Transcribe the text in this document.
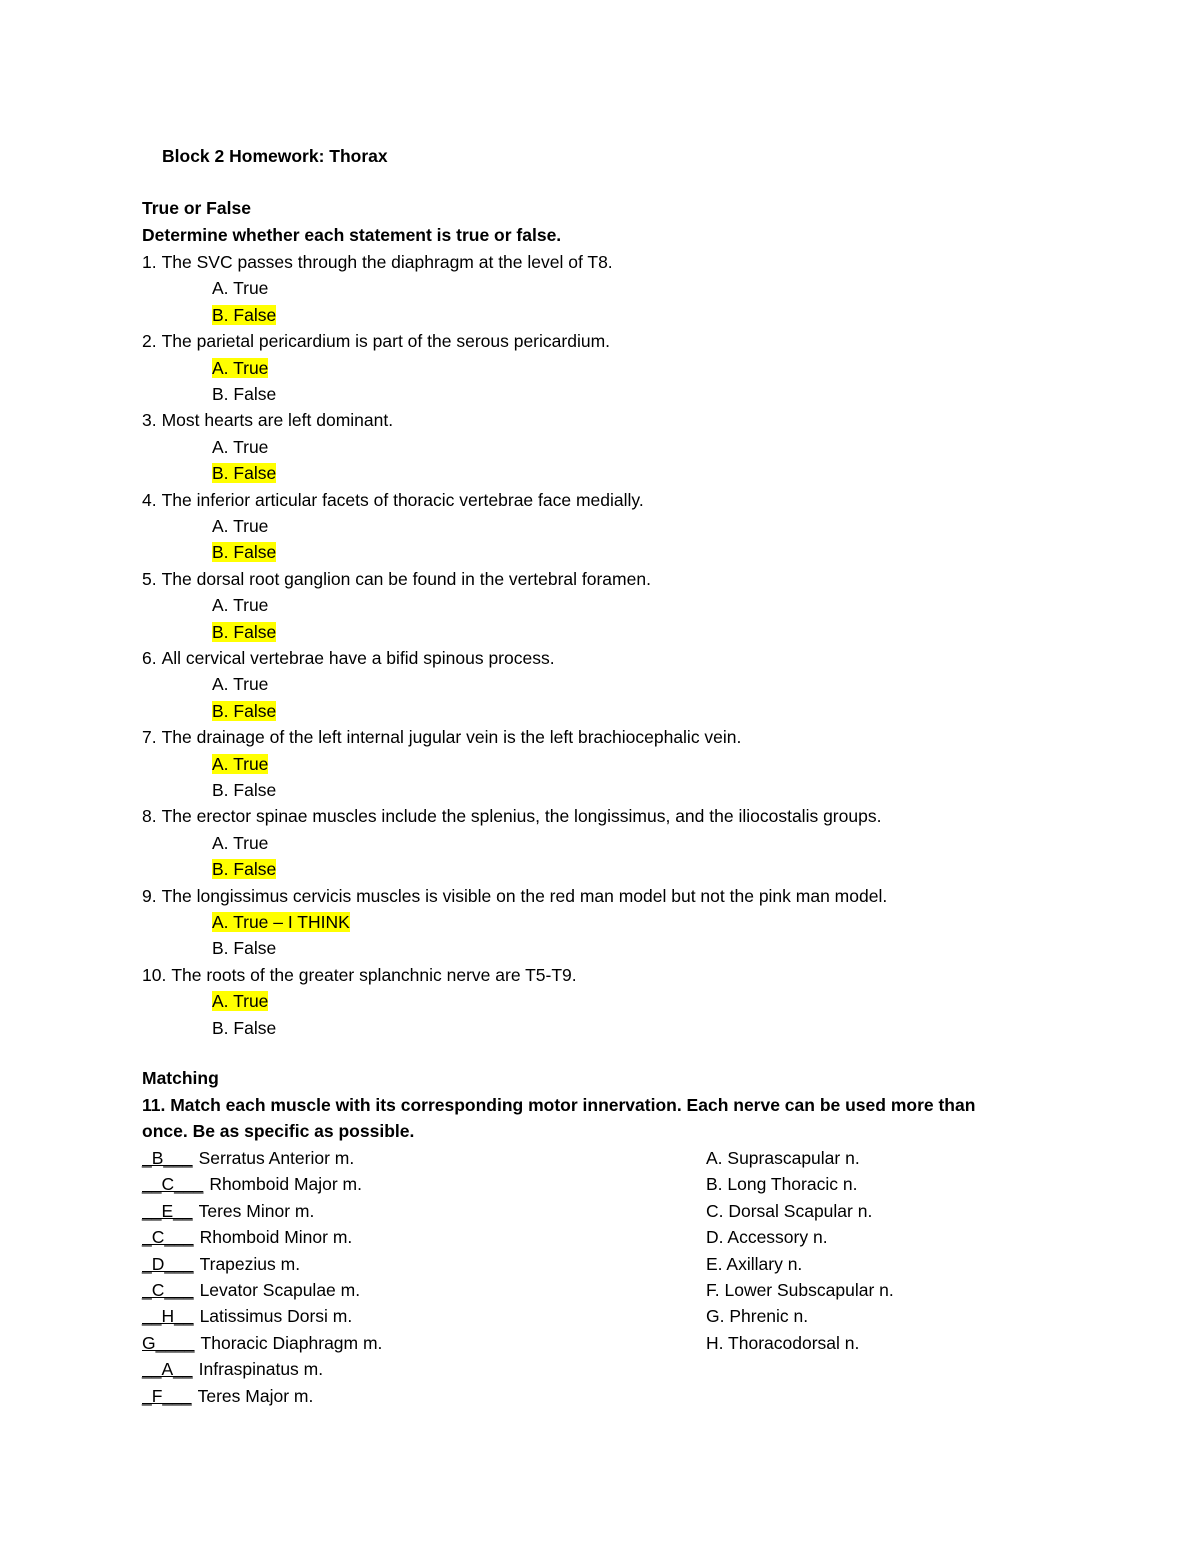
Block 2 Homework: Thorax
True or False
Determine whether each statement is true or false.
1. The SVC passes through the diaphragm at the level of T8.
A. True
B. False
2. The parietal pericardium is part of the serous pericardium.
A. True
B. False
3. Most hearts are left dominant.
A. True
B. False
4. The inferior articular facets of thoracic vertebrae face medially.
A. True
B. False
5. The dorsal root ganglion can be found in the vertebral foramen.
A. True
B. False
6. All cervical vertebrae have a bifid spinous process.
A. True
B. False
7. The drainage of the left internal jugular vein is the left brachiocephalic vein.
A. True
B. False
8. The erector spinae muscles include the splenius, the longissimus, and the iliocostalis groups.
A. True
B. False
9. The longissimus cervicis muscles is visible on the red man model but not the pink man model.
A. True – I THINK
B. False
10. The roots of the greater splanchnic nerve are T5-T9.
A. True
B. False
Matching
11. Match each muscle with its corresponding motor innervation. Each nerve can be used more than
once. Be as specific as possible.
_B___ Serratus Anterior m.
__C___ Rhomboid Major m.
__E__ Teres Minor m.
_C___ Rhomboid Minor m.
_D___ Trapezius m.
_C___ Levator Scapulae m.
__H__ Latissimus Dorsi m.
G____ Thoracic Diaphragm m.
__A__ Infraspinatus m.
_F___ Teres Major m.
A. Suprascapular n.
B. Long Thoracic n.
C. Dorsal Scapular n.
D. Accessory n.
E. Axillary n.
F. Lower Subscapular n.
G. Phrenic n.
H. Thoracodorsal n.
